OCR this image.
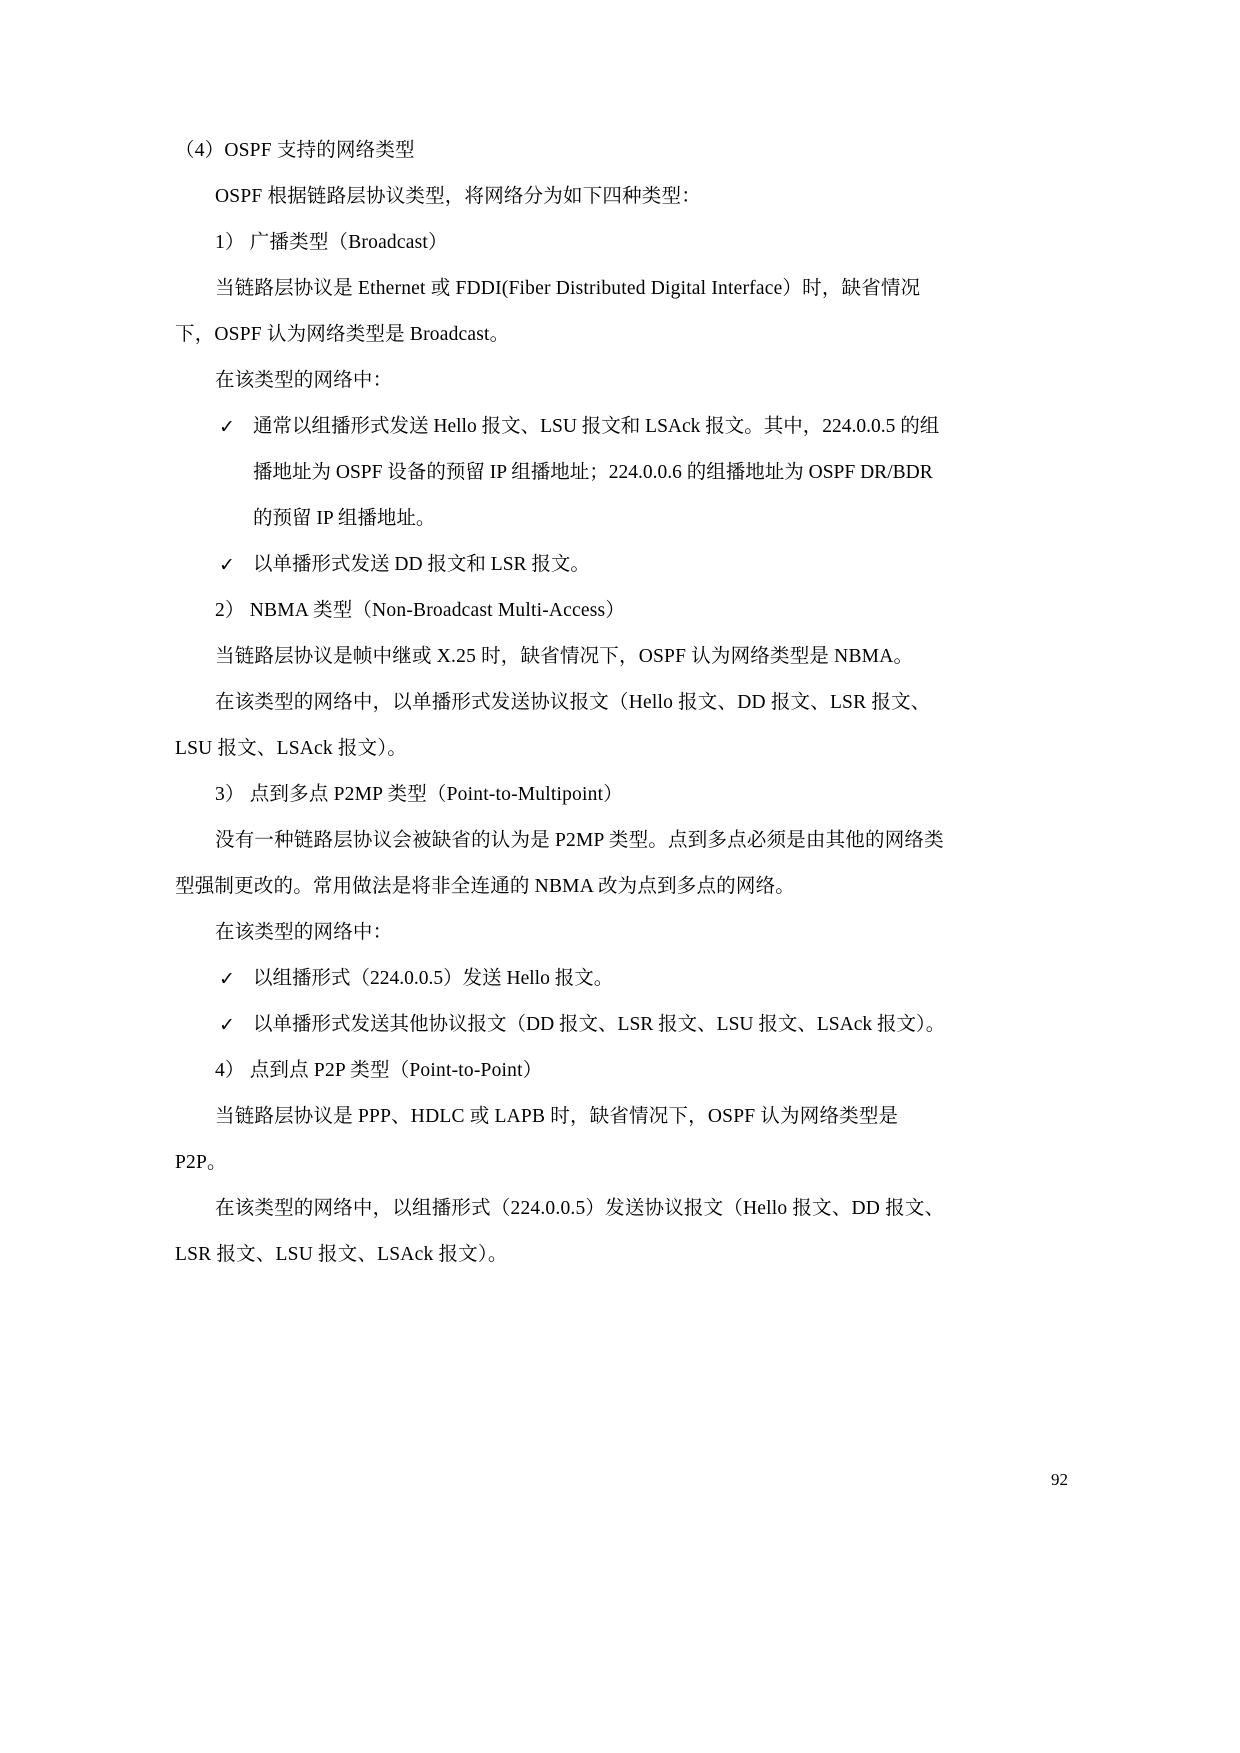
（4）OSPF 支持的网络类型

OSPF 根据链路层协议类型，将网络分为如下四种类型：

1） 广播类型（Broadcast）

当链路层协议是 Ethernet 或 FDDI(Fiber Distributed Digital Interface）时，缺省情况下，OSPF 认为网络类型是 Broadcast。

在该类型的网络中：

✓ 通常以组播形式发送 Hello 报文、LSU 报文和 LSAck 报文。其中，224.0.0.5 的组播地址为 OSPF 设备的预留 IP 组播地址；224.0.0.6 的组播地址为 OSPF DR/BDR 的预留 IP 组播地址。
✓ 以单播形式发送 DD 报文和 LSR 报文。

2） NBMA 类型（Non-Broadcast Multi-Access）

当链路层协议是帧中继或 X.25 时，缺省情况下，OSPF 认为网络类型是 NBMA。

在该类型的网络中，以单播形式发送协议报文（Hello 报文、DD 报文、LSR 报文、LSU 报文、LSAck 报文）。

3） 点到多点 P2MP 类型（Point-to-Multipoint）

没有一种链路层协议会被缺省的认为是 P2MP 类型。点到多点必须是由其他的网络类型强制更改的。常用做法是将非全连通的 NBMA 改为点到多点的网络。

在该类型的网络中：

✓ 以组播形式（224.0.0.5）发送 Hello 报文。
✓ 以单播形式发送其他协议报文（DD 报文、LSR 报文、LSU 报文、LSAck 报文）。

4） 点到点 P2P 类型（Point-to-Point）

当链路层协议是 PPP、HDLC 或 LAPB 时，缺省情况下，OSPF 认为网络类型是 P2P。

在该类型的网络中，以组播形式（224.0.0.5）发送协议报文（Hello 报文、DD 报文、LSR 报文、LSU 报文、LSAck 报文）。

92
